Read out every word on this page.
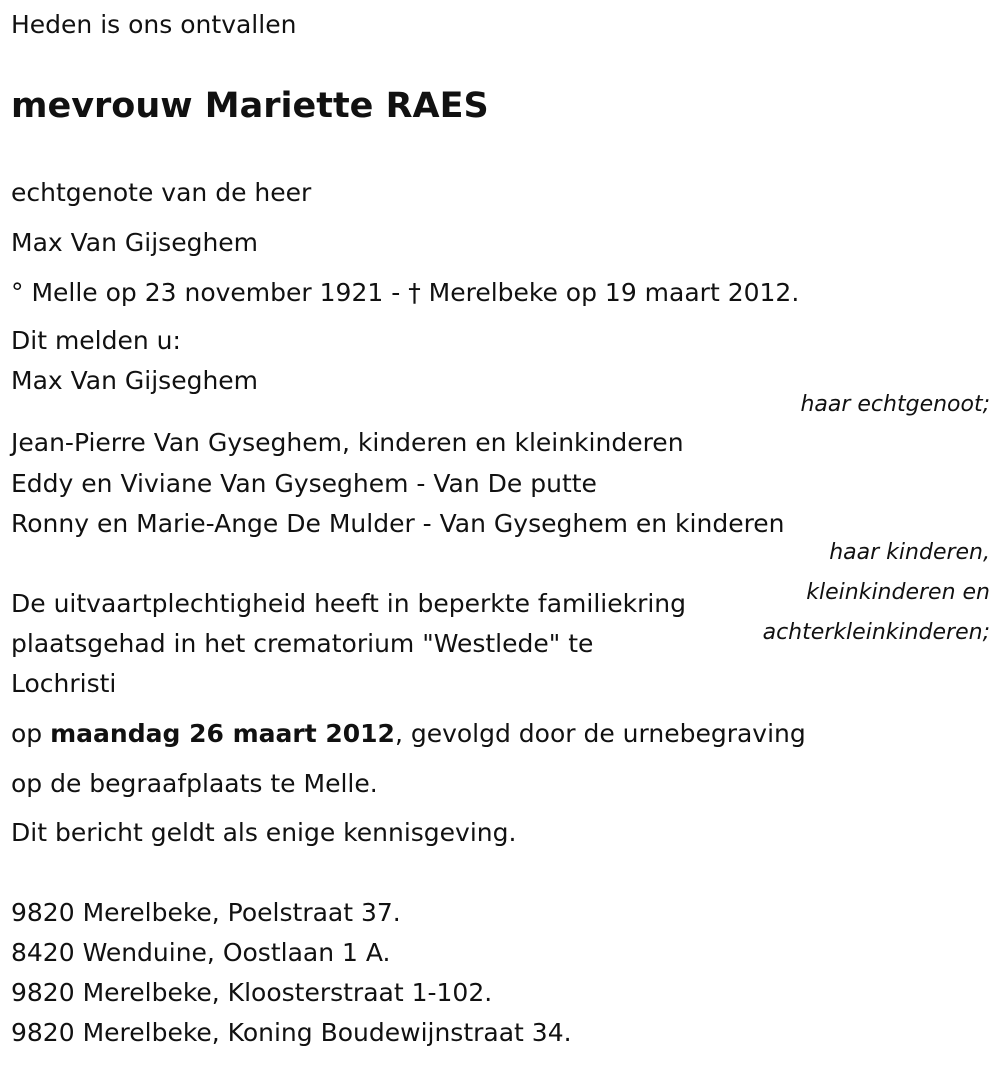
Heden is ons ontvallen

mevrouw Mariette RAES

echtgenote van de heer

Max Van Gijseghem

° Melle op 23 november 1921 - † Merelbeke op 19 maart 2012.

Dit melden u:

Max Van Gijseghem

haar echtgenoot;

Jean-Pierre Van Gyseghem, kinderen en kleinkinderen

Eddy en Viviane Van Gyseghem - Van De putte

Ronny en Marie-Ange De Mulder - Van Gyseghem en kinderen

haar kinderen,
kleinkinderen en
achterkleinkinderen;

De uitvaartplechtigheid heeft in beperkte familiekring

plaatsgehad in het crematorium "Westlede" te

Lochristi

op maandag 26 maart 2012, gevolgd door de urnebegraving

op de begraafplaats te Melle.

Dit bericht geldt als enige kennisgeving.

9820 Merelbeke, Poelstraat 37.

8420 Wenduine, Oostlaan 1 A.

9820 Merelbeke, Kloosterstraat 1-102.

9820 Merelbeke, Koning Boudewijnstraat 34.
